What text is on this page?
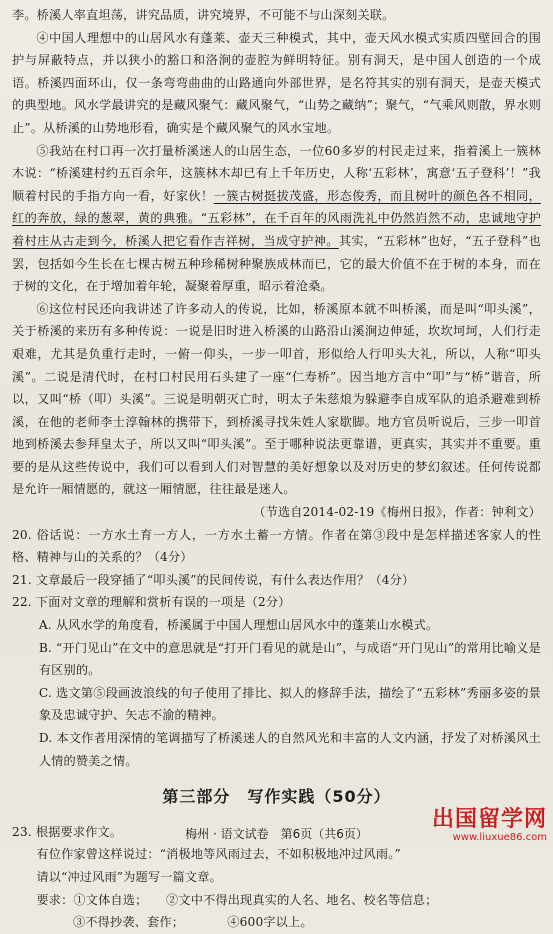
李。桥溪人率直坦荡，讲究品质，讲究境界，不可能不与山深刻关联。

④中国人理想中的山居风水有蓬莱、壶天三种模式，其中，壶天风水模式实质四壁回合的围护与屏蔽特点，并以狭小的豁口和洛涧的壶腔为鲜明特征。别有洞天，是中国人创造的一个成语。桥溪四面环山，仅一条弯弯曲曲的山路通向外部世界，是名符其实的别有洞天，是壶天模式的典型地。风水学最讲究的是藏风聚气：藏风聚气，“山势之藏纳”；聚气，“气乘风则散，界水则止”。从桥溪的山势地形看，确实是个藏风聚气的风水宝地。

⑤我站在村口再一次打量桥溪迷人的山居生态，一位60多岁的村民走过来，指着溪上一簇林木说：“桥溪建村约五百余年，这簇林木却已有上千年历史，人称‘五彩林’，寓意‘五子登科’！”我顺着村民的手指方向一看，好家伙！一簇古树挺拔茂盛，形态俊秀，而且树叶的颜色各不相同，红的奔放，绿的葱翠，黄的典雅。“五彩林”，在千百年的风雨洗礼中仍然岿然不动，忠诚地守护着村庄从古走到今，桥溪人把它看作吉祥树，当成守护神。其实，“五彩林”也好，“五子登科”也罢，包括如今生长在七棵古树五种珍稀树种聚族成林而已，它的最大价值不在于树的本身，而在于树的文化，在于增加着年轮，凝聚着厚重，昭示着沧桑。

⑥这位村民还向我讲述了许多动人的传说，比如，桥溪原本就不叫桥溪，而是叫“叩头溪”，关于桥溪的来历有多种传说：一说是旧时进入桥溪的山路沿山溪涧边伸延，坎坎坷坷，人们行走艰难，尤其是负重行走时，一俯一仰头，一步一叩首，形似给人行叩头大礼，所以，人称“叩头溪”。二说是清代时，在村口村民用石头建了一座“仁寿桥”。因当地方言中“叩”与“桥”谐音，所以，又叫“桥（叩）头溪”。三说是明朝灭亡时，明太子朱慈烺为躲避李自成军队的追杀避难到桥溪，在他的老师李士淳翰林的携带下，到桥溪寻找朱姓人家歇脚。地方官员听说后，三步一叩首地到桥溪去参拜皇太子，所以又叫“叩头溪”。至于哪种说法更靠谱，更真实，其实并不重要。重要的是从这些传说中，我们可以看到人们对智慧的美好想象以及对历史的梦幻叙述。任何传说都是允许一厢情愿的，就这一厢情愿，往往最是迷人。

（节选自2014-02-19《梅州日报》，作者：钟利文）

20. 俗话说：一方水土育一方人，一方水土蓄一方情。作者在第③段中是怎样描述客家人的性格、精神与山的关系的？（4分）

21. 文章最后一段穿插了“叩头溪”的民间传说，有什么表达作用？（4分）

22. 下面对文章的理解和赏析有误的一项是（2分）

A. 从风水学的角度看，桥溪属于中国人理想山居风水中的蓬莱山水模式。

B. “开门见山”在文中的意思就是“打开门看见的就是山”，与成语“开门见山”的常用比喻义是有区别的。

C. 选文第⑤段画波浪线的句子使用了排比、拟人的修辞手法，描绘了“五彩林”秀丽多姿的景象及忠诚守护、矢志不渝的精神。

D. 本文作者用深情的笔调描写了桥溪迷人的自然风光和丰富的人文内涵，抒发了对桥溪风土人情的赞美之情。

第三部分　写作实践（50分）

23. 根据要求作文。

有位作家曾这样说过：“消极地等风雨过去，不如积极地冲过风雨。”

请以“冲过风雨”为题写一篇文章。

要求：①文体自选；　　 ②文中不得出现真实的人名、地名、校名等信息；

③不得抄袭、套作；　　　　	④600字以上。

梅州 · 语文试卷　第6页（共6页）
出国留学网
www.liuxue86.com
